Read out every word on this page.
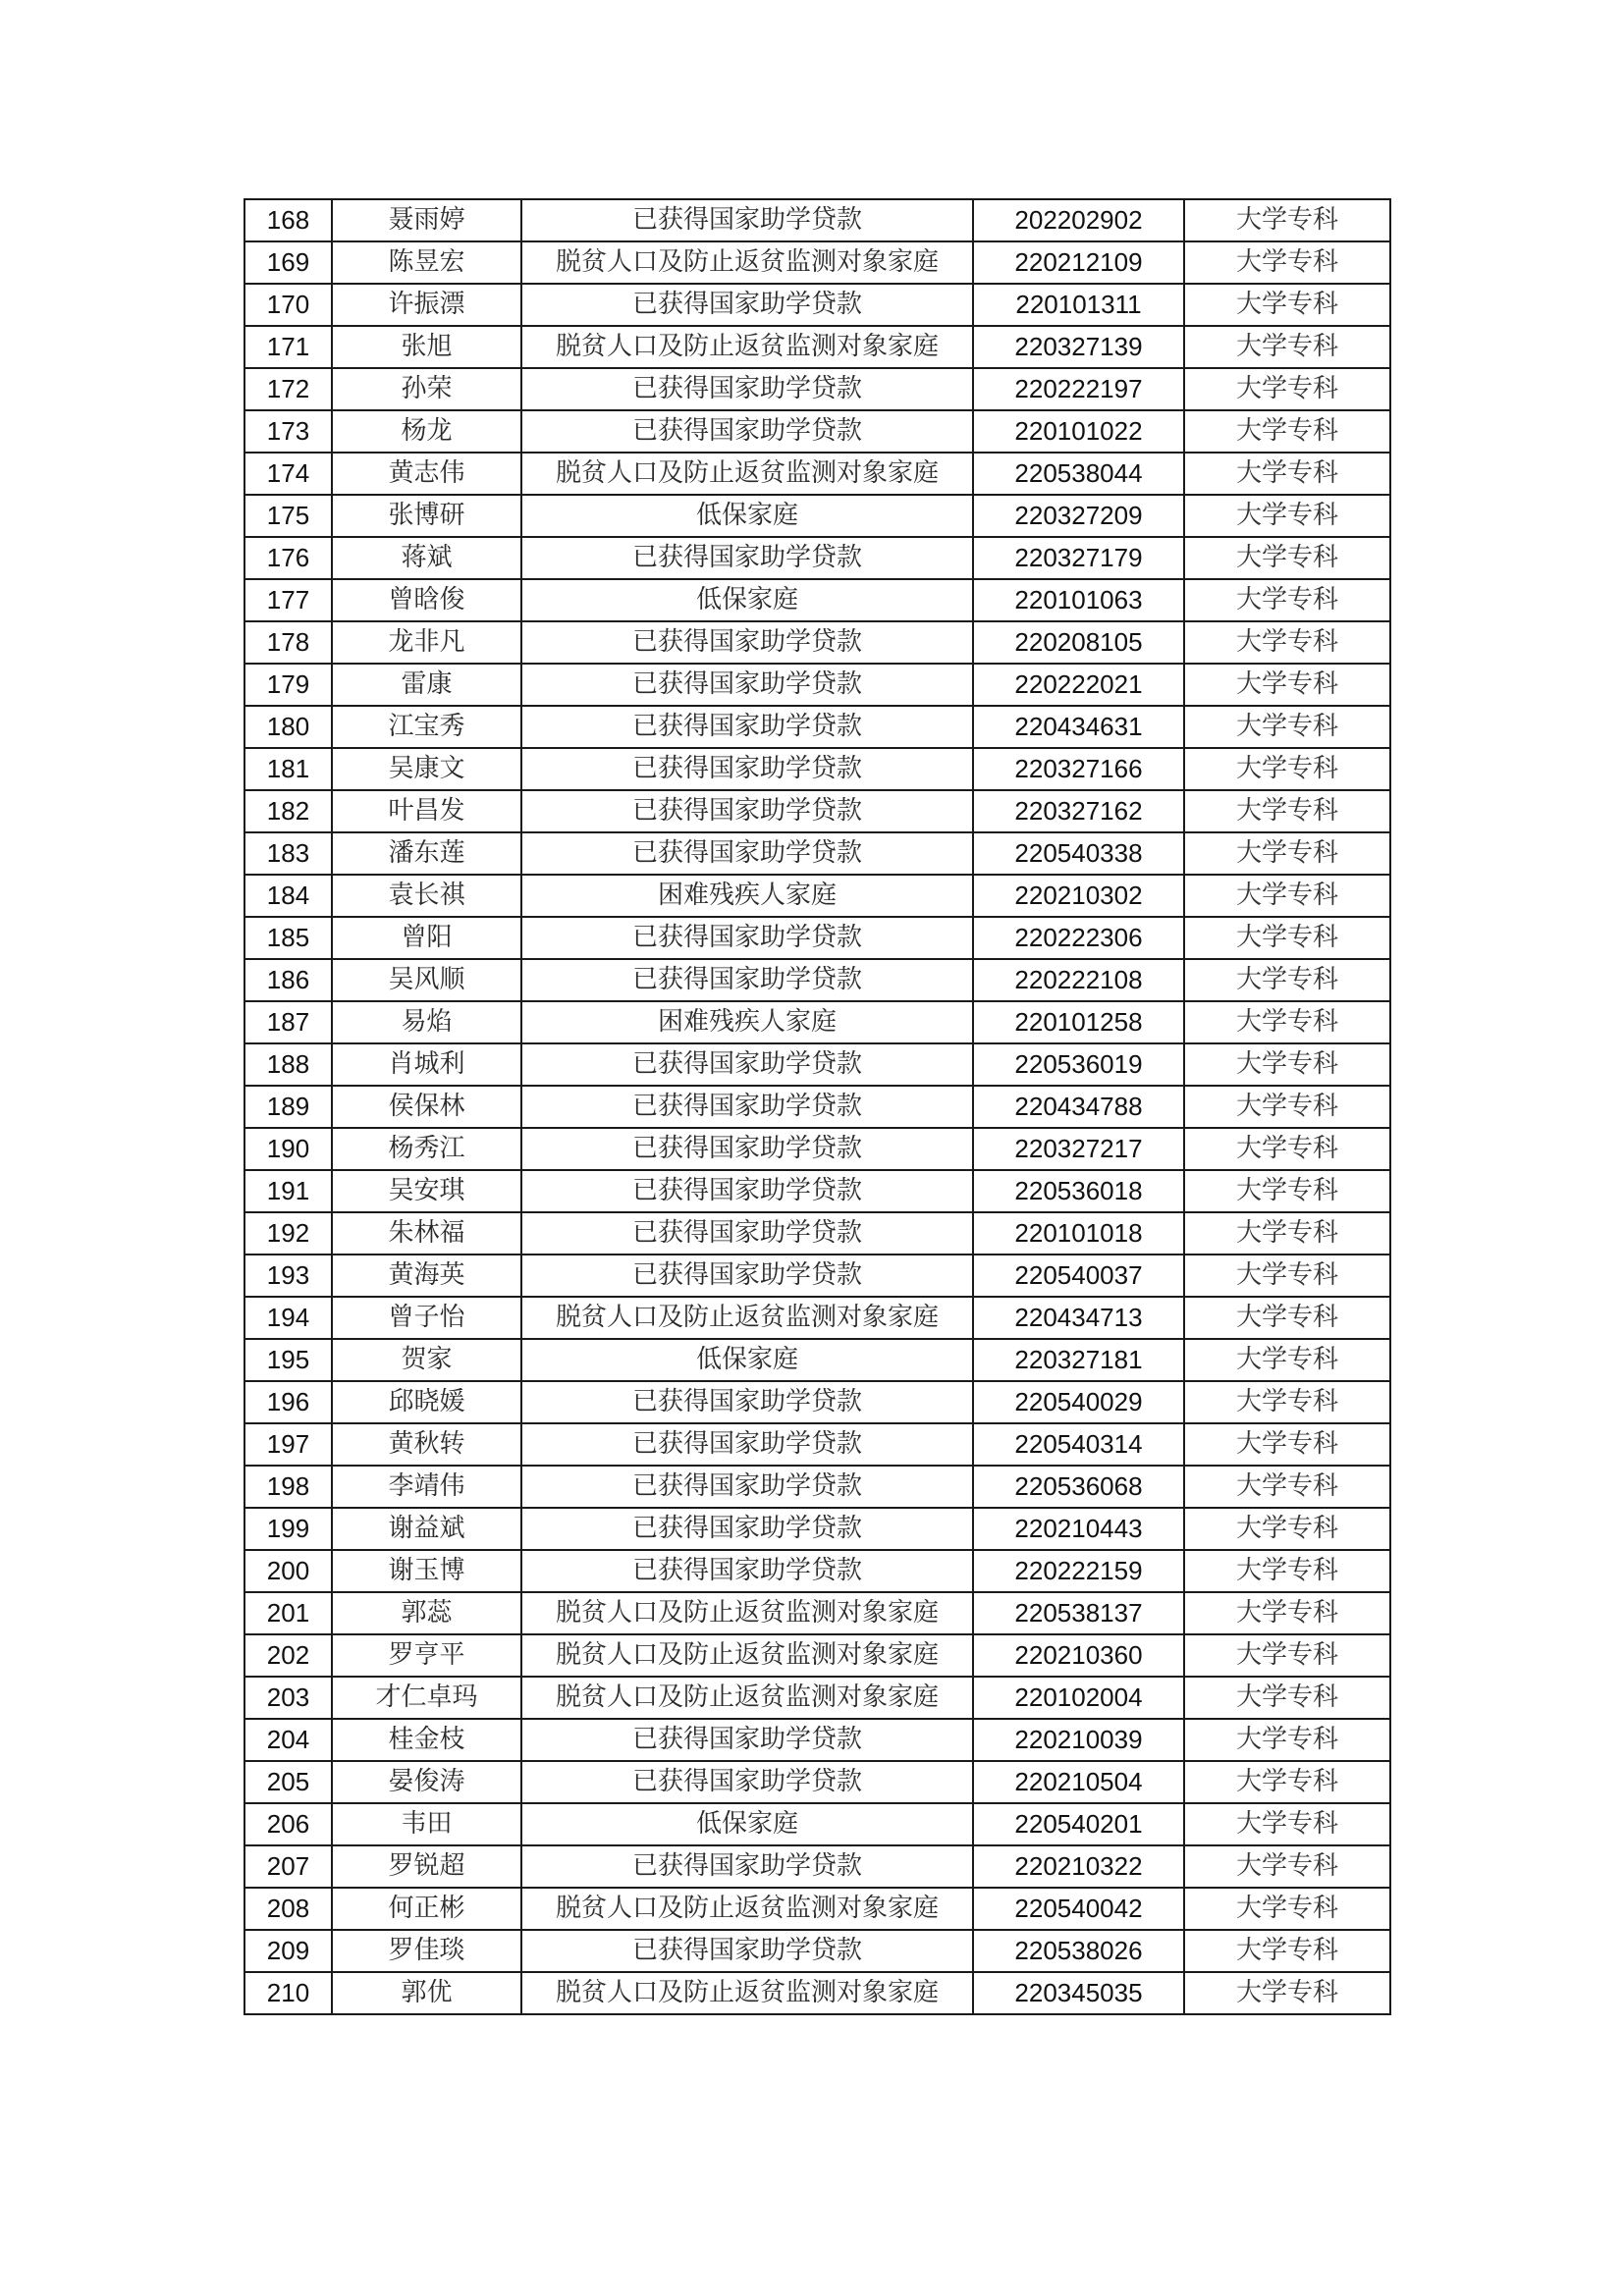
168	聂雨婷	已获得国家助学贷款	202202902	大学专科
169	陈昱宏	脱贫人口及防止返贫监测对象家庭	220212109	大学专科
170	许振漂	已获得国家助学贷款	220101311	大学专科
171	张旭	脱贫人口及防止返贫监测对象家庭	220327139	大学专科
172	孙荣	已获得国家助学贷款	220222197	大学专科
173	杨龙	已获得国家助学贷款	220101022	大学专科
174	黄志伟	脱贫人口及防止返贫监测对象家庭	220538044	大学专科
175	张博研	低保家庭	220327209	大学专科
176	蒋斌	已获得国家助学贷款	220327179	大学专科
177	曾晗俊	低保家庭	220101063	大学专科
178	龙非凡	已获得国家助学贷款	220208105	大学专科
179	雷康	已获得国家助学贷款	220222021	大学专科
180	江宝秀	已获得国家助学贷款	220434631	大学专科
181	吴康文	已获得国家助学贷款	220327166	大学专科
182	叶昌发	已获得国家助学贷款	220327162	大学专科
183	潘东莲	已获得国家助学贷款	220540338	大学专科
184	袁长祺	困难残疾人家庭	220210302	大学专科
185	曾阳	已获得国家助学贷款	220222306	大学专科
186	吴风顺	已获得国家助学贷款	220222108	大学专科
187	易焰	困难残疾人家庭	220101258	大学专科
188	肖城利	已获得国家助学贷款	220536019	大学专科
189	侯保林	已获得国家助学贷款	220434788	大学专科
190	杨秀江	已获得国家助学贷款	220327217	大学专科
191	吴安琪	已获得国家助学贷款	220536018	大学专科
192	朱林福	已获得国家助学贷款	220101018	大学专科
193	黄海英	已获得国家助学贷款	220540037	大学专科
194	曾子怡	脱贫人口及防止返贫监测对象家庭	220434713	大学专科
195	贺家	低保家庭	220327181	大学专科
196	邱晓媛	已获得国家助学贷款	220540029	大学专科
197	黄秋转	已获得国家助学贷款	220540314	大学专科
198	李靖伟	已获得国家助学贷款	220536068	大学专科
199	谢益斌	已获得国家助学贷款	220210443	大学专科
200	谢玉博	已获得国家助学贷款	220222159	大学专科
201	郭蕊	脱贫人口及防止返贫监测对象家庭	220538137	大学专科
202	罗亨平	脱贫人口及防止返贫监测对象家庭	220210360	大学专科
203	才仁卓玛	脱贫人口及防止返贫监测对象家庭	220102004	大学专科
204	桂金枝	已获得国家助学贷款	220210039	大学专科
205	晏俊涛	已获得国家助学贷款	220210504	大学专科
206	韦田	低保家庭	220540201	大学专科
207	罗锐超	已获得国家助学贷款	220210322	大学专科
208	何正彬	脱贫人口及防止返贫监测对象家庭	220540042	大学专科
209	罗佳琰	已获得国家助学贷款	220538026	大学专科
210	郭优	脱贫人口及防止返贫监测对象家庭	220345035	大学专科
